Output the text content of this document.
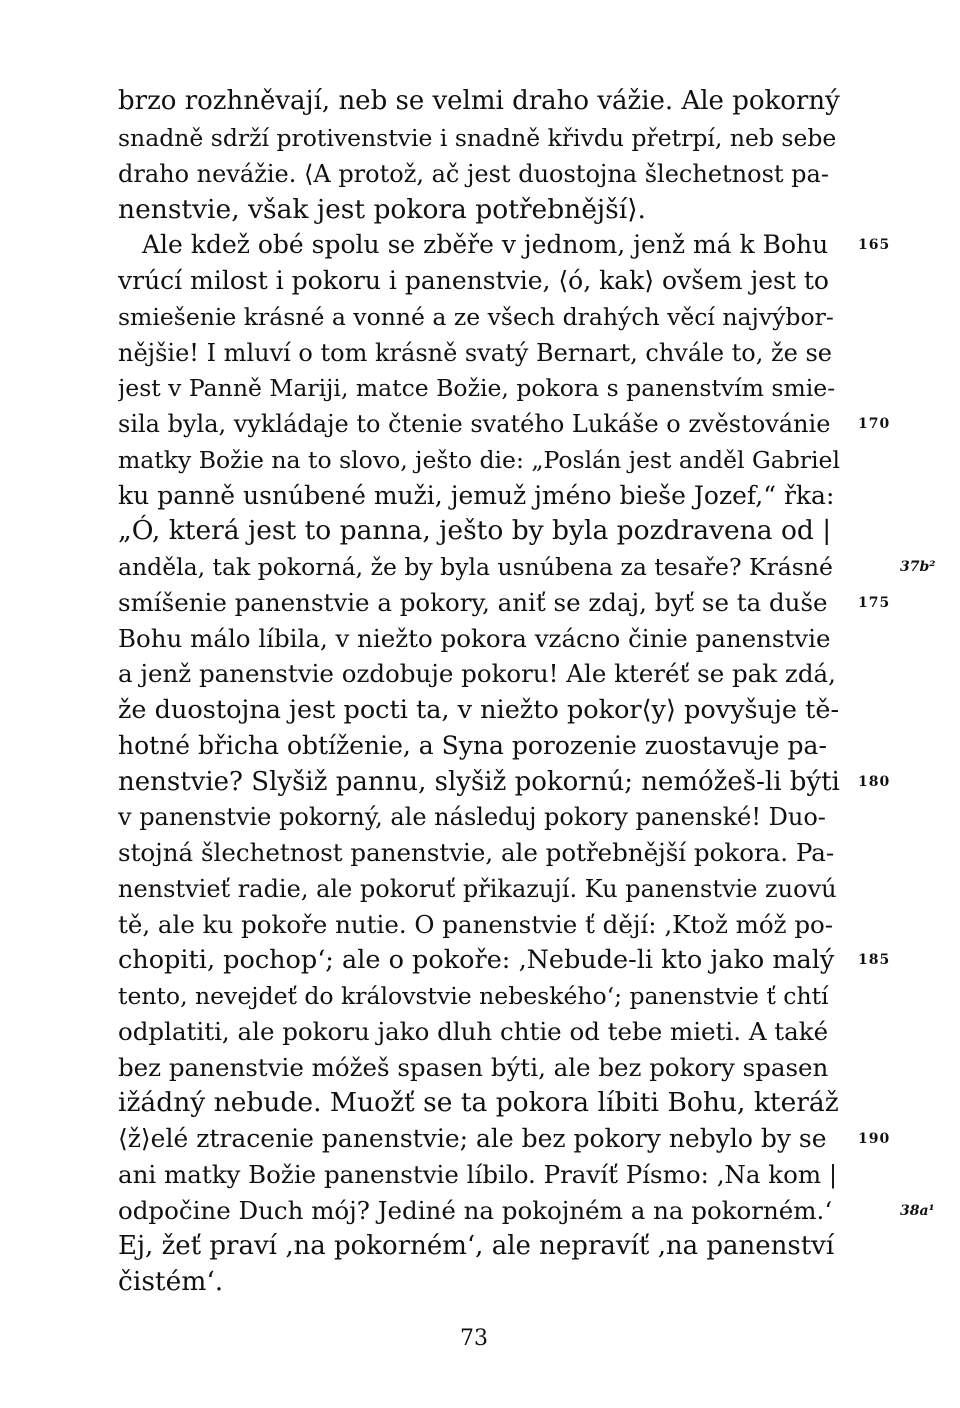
brzo rozhněvají, neb se velmi draho vážie. Ale pokorný
snadně sdrží protivenstvie i snadně křivdu přetrpí, neb sebe
draho nevážie. ⟨A protož, ač jest duostojna šlechetnost pa-
nenstvie, však jest pokora potřebnější⟩.
Ale kdež obé spolu se zběře v jednom, jenž má k Bohu
vrúcí milost i pokoru i panenstvie, ⟨ó, kak⟩ ovšem jest to
smiešenie krásné a vonné a ze všech drahých věcí najvýbor-
nějšie! I mluví o tom krásně svatý Bernart, chvále to, že se
jest v Panně Mariji, matce Božie, pokora s panenstvím smie-
sila byla, vykládaje to čtenie svatého Lukáše o zvěstovánie
matky Božie na to slovo, ješto die: „Poslán jest anděl Gabriel
ku panně usnúbené muži, jemuž jméno bieše Jozef,“ řka:
„Ó, která jest to panna, ješto by byla pozdravena od |
anděla, tak pokorná, že by byla usnúbena za tesaře? Krásné
smíšenie panenstvie a pokory, aniť se zdaj, byť se ta duše
Bohu málo líbila, v niežto pokora vzácno činie panenstvie
a jenž panenstvie ozdobuje pokoru! Ale kteréť se pak zdá,
že duostojna jest pocti ta, v niežto pokor⟨y⟩ povyšuje tě-
hotné břicha obtíženie, a Syna porozenie zuostavuje pa-
nenstvie? Slyšiž pannu, slyšiž pokornú; nemóžeš-li býti
v panenstvie pokorný, ale následuj pokory panenské! Duo-
stojná šlechetnost panenstvie, ale potřebnější pokora. Pa-
nenstvieť radie, ale pokoruť přikazují. Ku panenstvie zuovú
tě, ale ku pokoře nutie. O panenstvie ť dějí: ‚Ktož móž po-
chopiti, pochop‘; ale o pokoře: ‚Nebude-li kto jako malý
tento, nevejdeť do královstvie nebeského‘; panenstvie ť chtí
odplatiti, ale pokoru jako dluh chtie od tebe mieti. A také
bez panenstvie móžeš spasen býti, ale bez pokory spasen
ižádný nebude. Muožť se ta pokora líbiti Bohu, kteráž
⟨ž⟩elé ztracenie panenstvie; ale bez pokory nebylo by se
ani matky Božie panenstvie líbilo. Pravíť Písmo: ‚Na kom |
odpočine Duch mój? Jediné na pokojném a na pokorném.‘
Ej, žeť praví ‚na pokorném‘, ale nepravíť ‚na panenství
čistém‘.
165
170
175
180
185
190
37b²
38a¹
73
